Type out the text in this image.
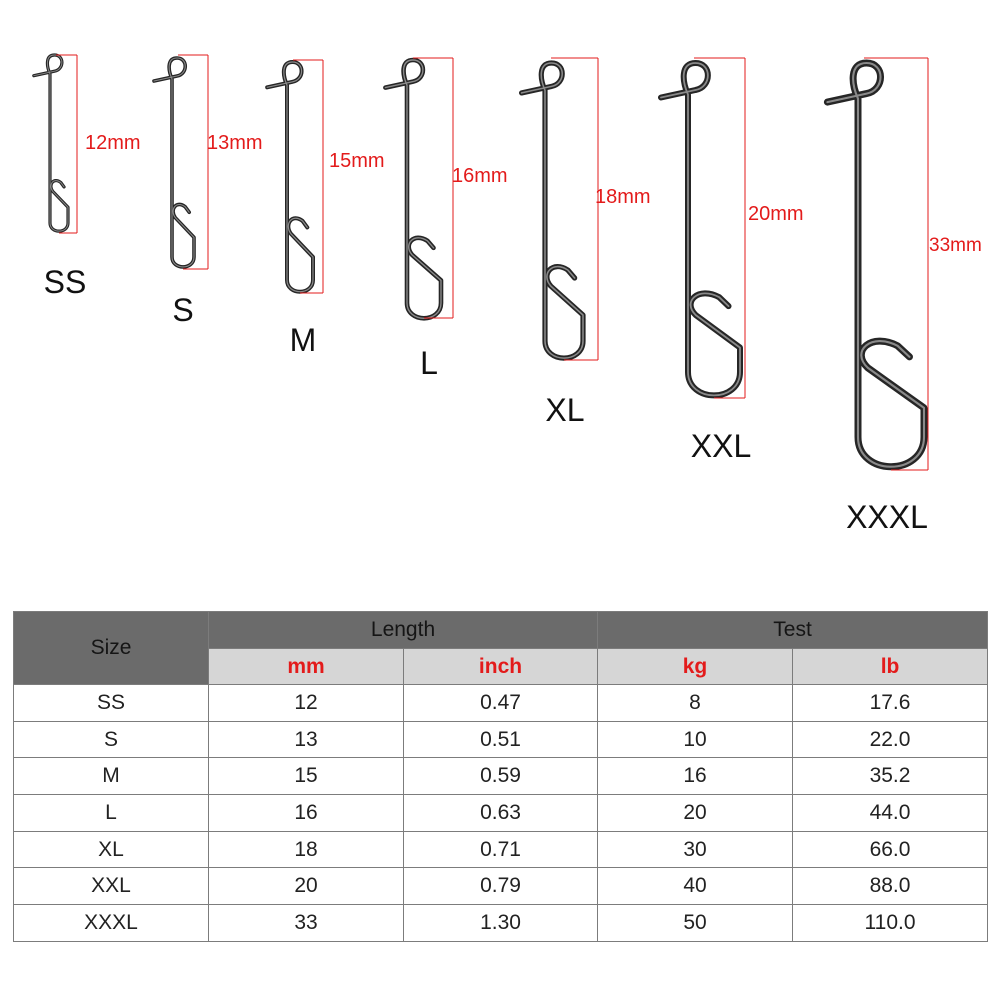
12mm
SS
13mm
S
15mm
M
16mm
L
18mm
XL
20mm
XXL
33mm
XXXL
Size	Length		Test	
	mm	inch	kg	lb
SS	12	0.47	8	17.6
S	13	0.51	10	22.0
M	15	0.59	16	35.2
L	16	0.63	20	44.0
XL	18	0.71	30	66.0
XXL	20	0.79	40	88.0
XXXL	33	1.30	50	110.0
